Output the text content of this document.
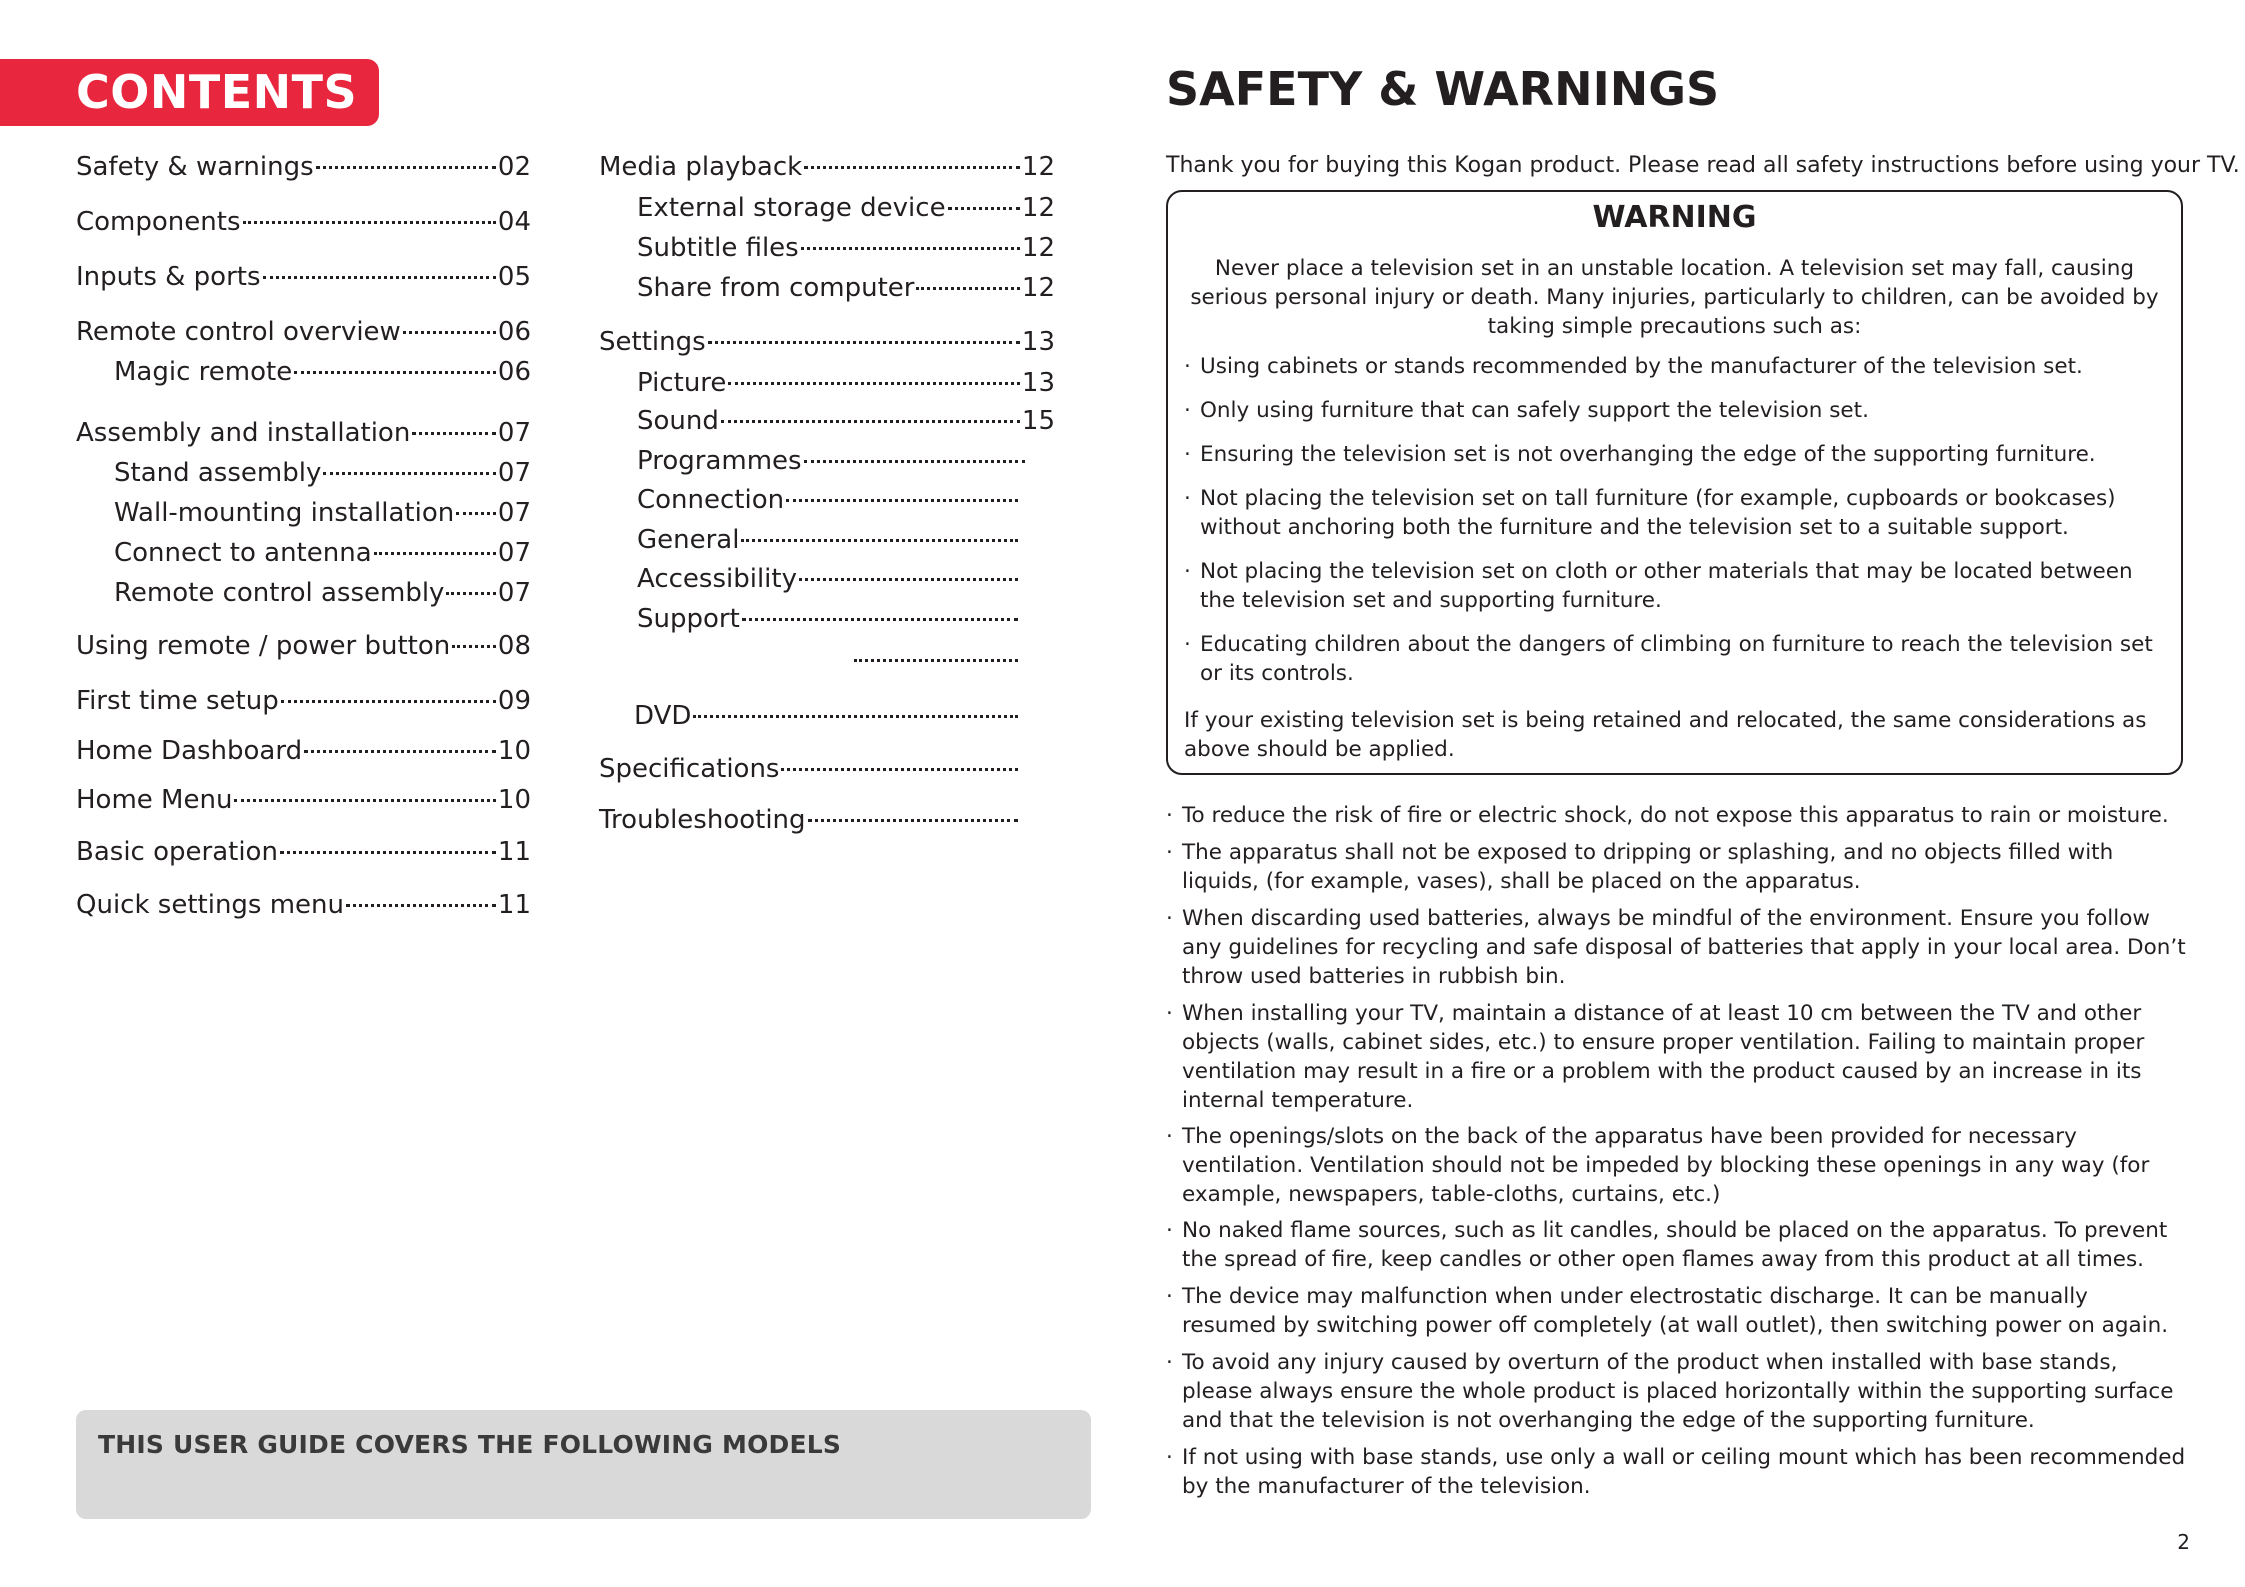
CONTENTS
Safety & warnings	02
Components	04
Inputs & ports	05
Remote control overview	06
Magic remote	06
Assembly and installation	07
Stand assembly	07
Wall-mounting installation 07
Connect to antenna	07
Remote control assembly 07
Using remote / power button 08
First time setup	09
Home Dashboard	10
Home Menu	10
Basic operation	11
Quick settings menu	11
Media playback	12
External storage device	12
Subtitle files	12
Share from computer	12
Settings	13
Picture	13
Sound	15
Programmes
Connection
General
Accessibility
Support
DVD
Specifications
Troubleshooting
THIS USER GUIDE COVERS THE FOLLOWING MODELS
SAFETY & WARNINGS
Thank you for buying this Kogan product. Please read all safety instructions before using your TV.
WARNING
Never place a television set in an unstable location. A television set may fall, causing serious personal injury or death. Many injuries, particularly to children, can be avoided by taking simple precautions such as:
· Using cabinets or stands recommended by the manufacturer of the television set.
· Only using furniture that can safely support the television set.
· Ensuring the television set is not overhanging the edge of the supporting furniture.
· Not placing the television set on tall furniture (for example, cupboards or bookcases) without anchoring both the furniture and the television set to a suitable support.
· Not placing the television set on cloth or other materials that may be located between the television set and supporting furniture.
· Educating children about the dangers of climbing on furniture to reach the television set or its controls.
If your existing television set is being retained and relocated, the same considerations as above should be applied.
· To reduce the risk of fire or electric shock, do not expose this apparatus to rain or moisture.
· The apparatus shall not be exposed to dripping or splashing, and no objects filled with liquids, (for example, vases), shall be placed on the apparatus.
· When discarding used batteries, always be mindful of the environment. Ensure you follow any guidelines for recycling and safe disposal of batteries that apply in your local area. Don’t throw used batteries in rubbish bin.
· When installing your TV, maintain a distance of at least 10 cm between the TV and other objects (walls, cabinet sides, etc.) to ensure proper ventilation. Failing to maintain proper ventilation may result in a fire or a problem with the product caused by an increase in its internal temperature.
· The openings/slots on the back of the apparatus have been provided for necessary ventilation. Ventilation should not be impeded by blocking these openings in any way (for example, newspapers, table-cloths, curtains, etc.)
· No naked flame sources, such as lit candles, should be placed on the apparatus. To prevent the spread of fire, keep candles or other open flames away from this product at all times.
· The device may malfunction when under electrostatic discharge. It can be manually resumed by switching power off completely (at wall outlet), then switching power on again.
· To avoid any injury caused by overturn of the product when installed with base stands, please always ensure the whole product is placed horizontally within the supporting surface and that the television is not overhanging the edge of the supporting furniture.
· If not using with base stands, use only a wall or ceiling mount which has been recommended by the manufacturer of the television.
2
